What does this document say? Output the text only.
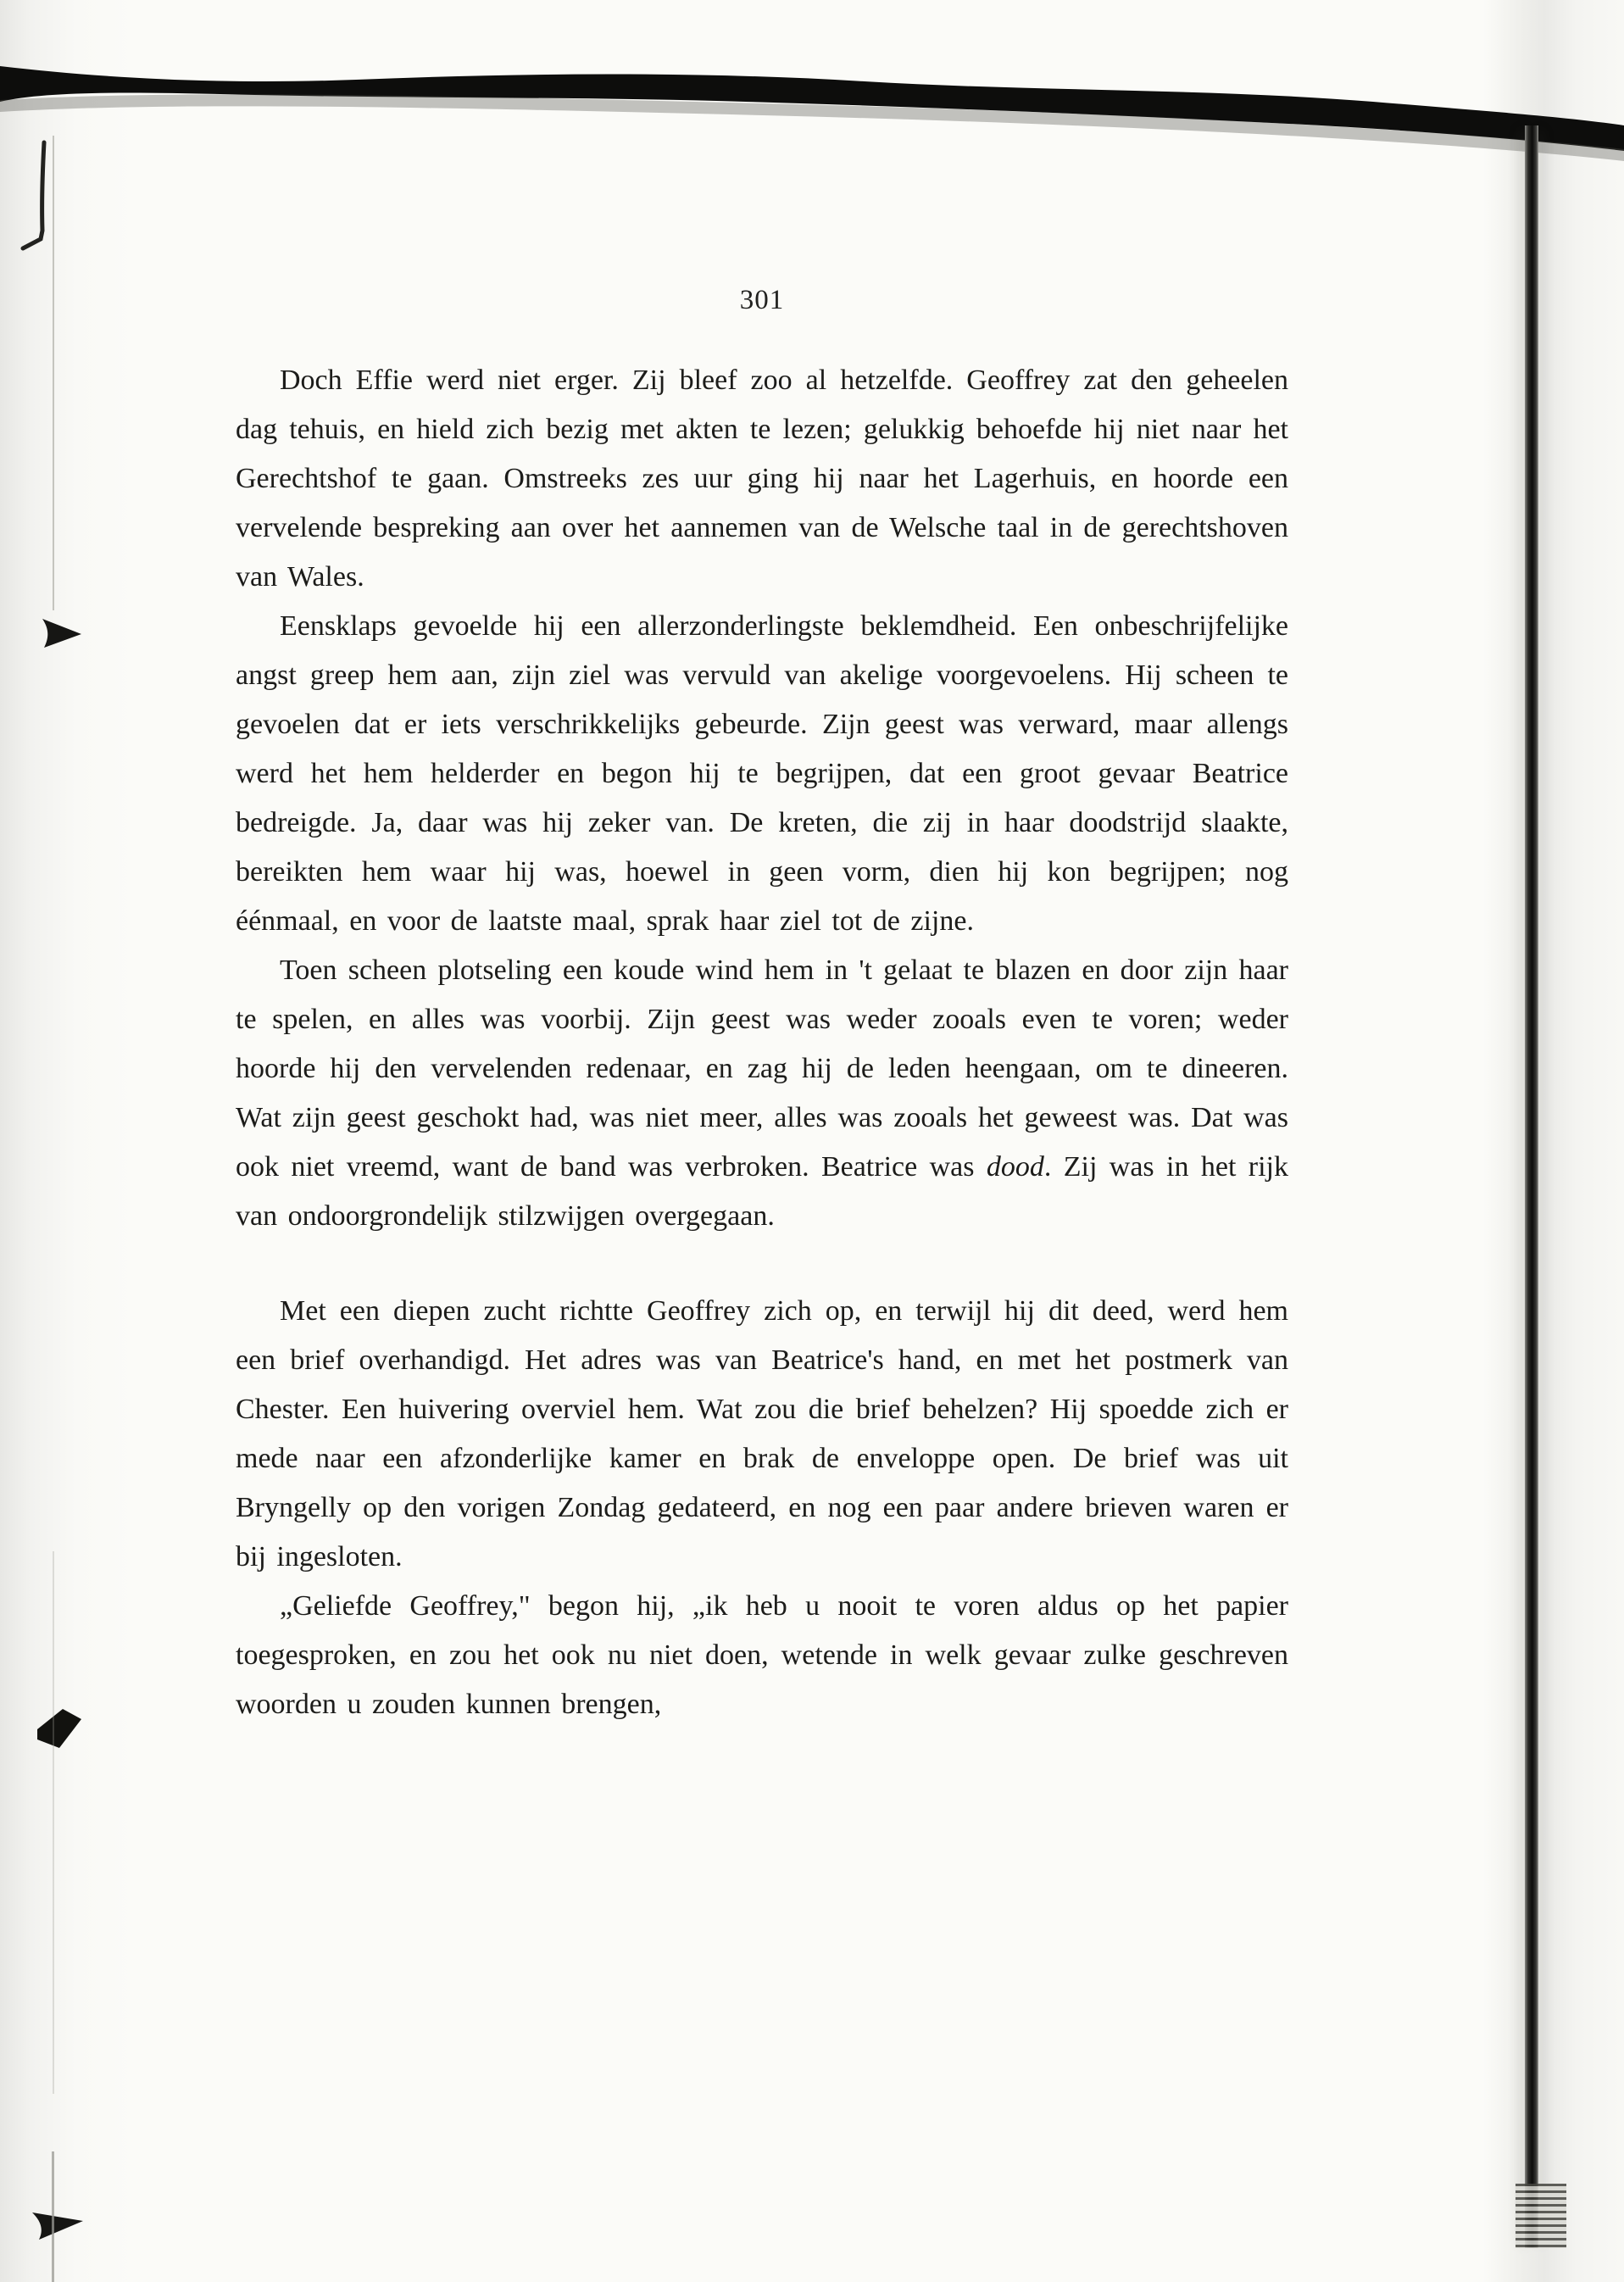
301

Doch Effie werd niet erger. Zij bleef zoo al hetzelfde. Geoffrey zat den geheelen dag tehuis, en hield zich bezig met akten te lezen; gelukkig behoefde hij niet naar het Gerechtshof te gaan. Omstreeks zes uur ging hij naar het Lagerhuis, en hoorde een vervelende bespreking aan over het aannemen van de Welsche taal in de gerechtshoven van Wales.

Eensklaps gevoelde hij een allerzonderlingste beklemdheid. Een onbeschrijfelijke angst greep hem aan, zijn ziel was vervuld van akelige voorgevoelens. Hij scheen te gevoelen dat er iets verschrikkelijks gebeurde. Zijn geest was verward, maar allengs werd het hem helderder en begon hij te begrijpen, dat een groot gevaar Beatrice bedreigde. Ja, daar was hij zeker van. De kreten, die zij in haar doodstrijd slaakte, bereikten hem waar hij was, hoewel in geen vorm, dien hij kon begrijpen; nog éénmaal, en voor de laatste maal, sprak haar ziel tot de zijne.

Toen scheen plotseling een koude wind hem in 't gelaat te blazen en door zijn haar te spelen, en alles was voorbij. Zijn geest was weder zooals even te voren; weder hoorde hij den vervelenden redenaar, en zag hij de leden heengaan, om te dineeren. Wat zijn geest geschokt had, was niet meer, alles was zooals het geweest was. Dat was ook niet vreemd, want de band was verbroken. Beatrice was dood. Zij was in het rijk van ondoorgrondelijk stilzwijgen overgegaan.

Met een diepen zucht richtte Geoffrey zich op, en terwijl hij dit deed, werd hem een brief overhandigd. Het adres was van Beatrice's hand, en met het postmerk van Chester. Een huivering overviel hem. Wat zou die brief behelzen? Hij spoedde zich er mede naar een afzonderlijke kamer en brak de enveloppe open. De brief was uit Bryngelly op den vorigen Zondag gedateerd, en nog een paar andere brieven waren er bij ingesloten.

„Geliefde Geoffrey," begon hij, „ik heb u nooit te voren aldus op het papier toegesproken, en zou het ook nu niet doen, wetende in welk gevaar zulke geschreven woorden u zouden kunnen brengen,
